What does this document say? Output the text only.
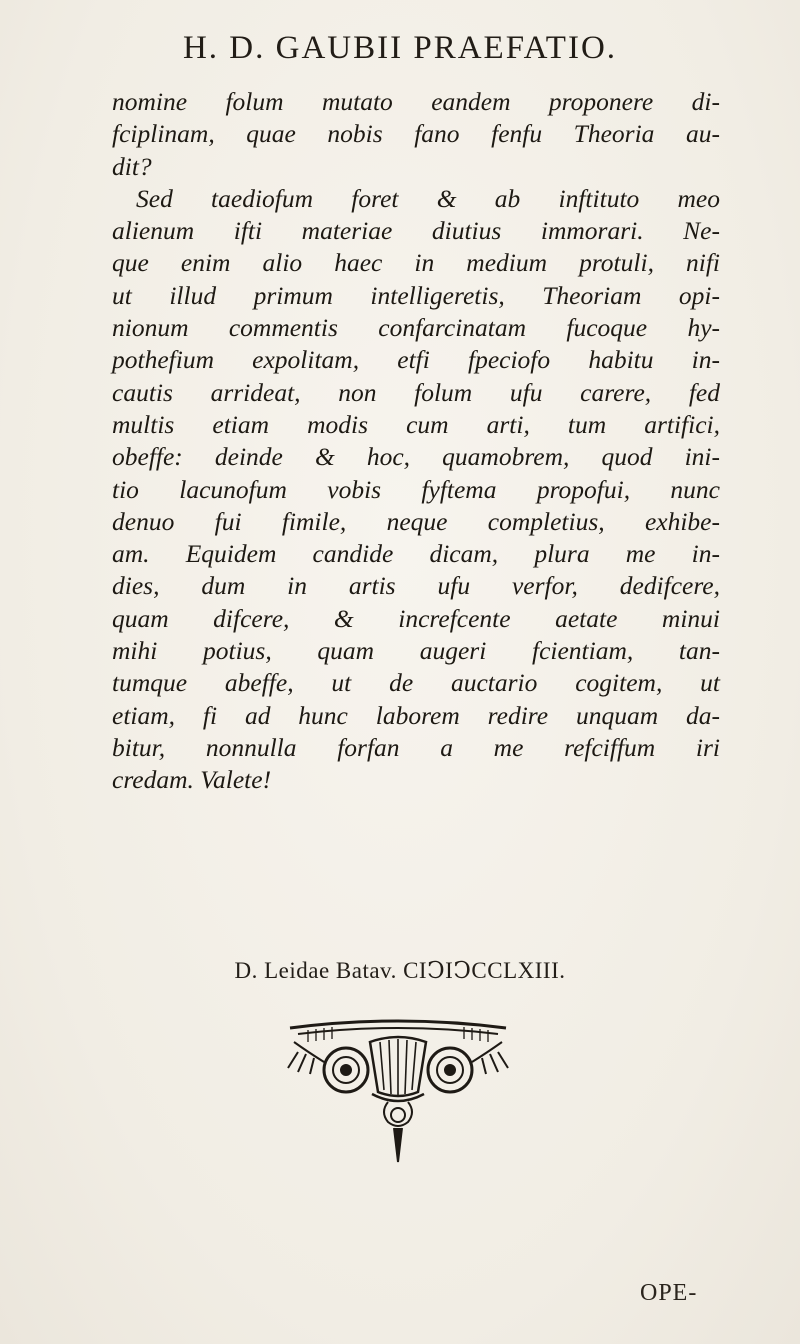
H. D. GAUBII PRAEFATIO.
nomine folum mutato eandem proponere di-
fciplinam, quae nobis fano fenfu Theoria au-
dit?
Sed taediofum foret & ab inftituto meo
alienum ifti materiae diutius immorari. Ne-
que enim alio haec in medium protuli, nifi
ut illud primum intelligeretis, Theoriam opi-
nionum commentis confarcinatam fucoque hy-
pothefium expolitam, etfi fpeciofo habitu in-
cautis arrideat, non folum ufu carere, fed
multis etiam modis cum arti, tum artifici,
obeffe: deinde & hoc, quamobrem, quod ini-
tio lacunofum vobis fyftema propofui, nunc
denuo fui fimile, neque completius, exhibe-
am. Equidem candide dicam, plura me in-
dies, dum in artis ufu verfor, dedifcere,
quam difcere, & increfcente aetate minui
mihi potius, quam augeri fcientiam, tan-
tumque abeffe, ut de auctario cogitem, ut
etiam, fi ad hunc laborem redire unquam da-
bitur, nonnulla forfan a me refciffum iri
credam. Valete!
D. Leidae Batav. CIↃIↃCCLXIII.
OPE-
